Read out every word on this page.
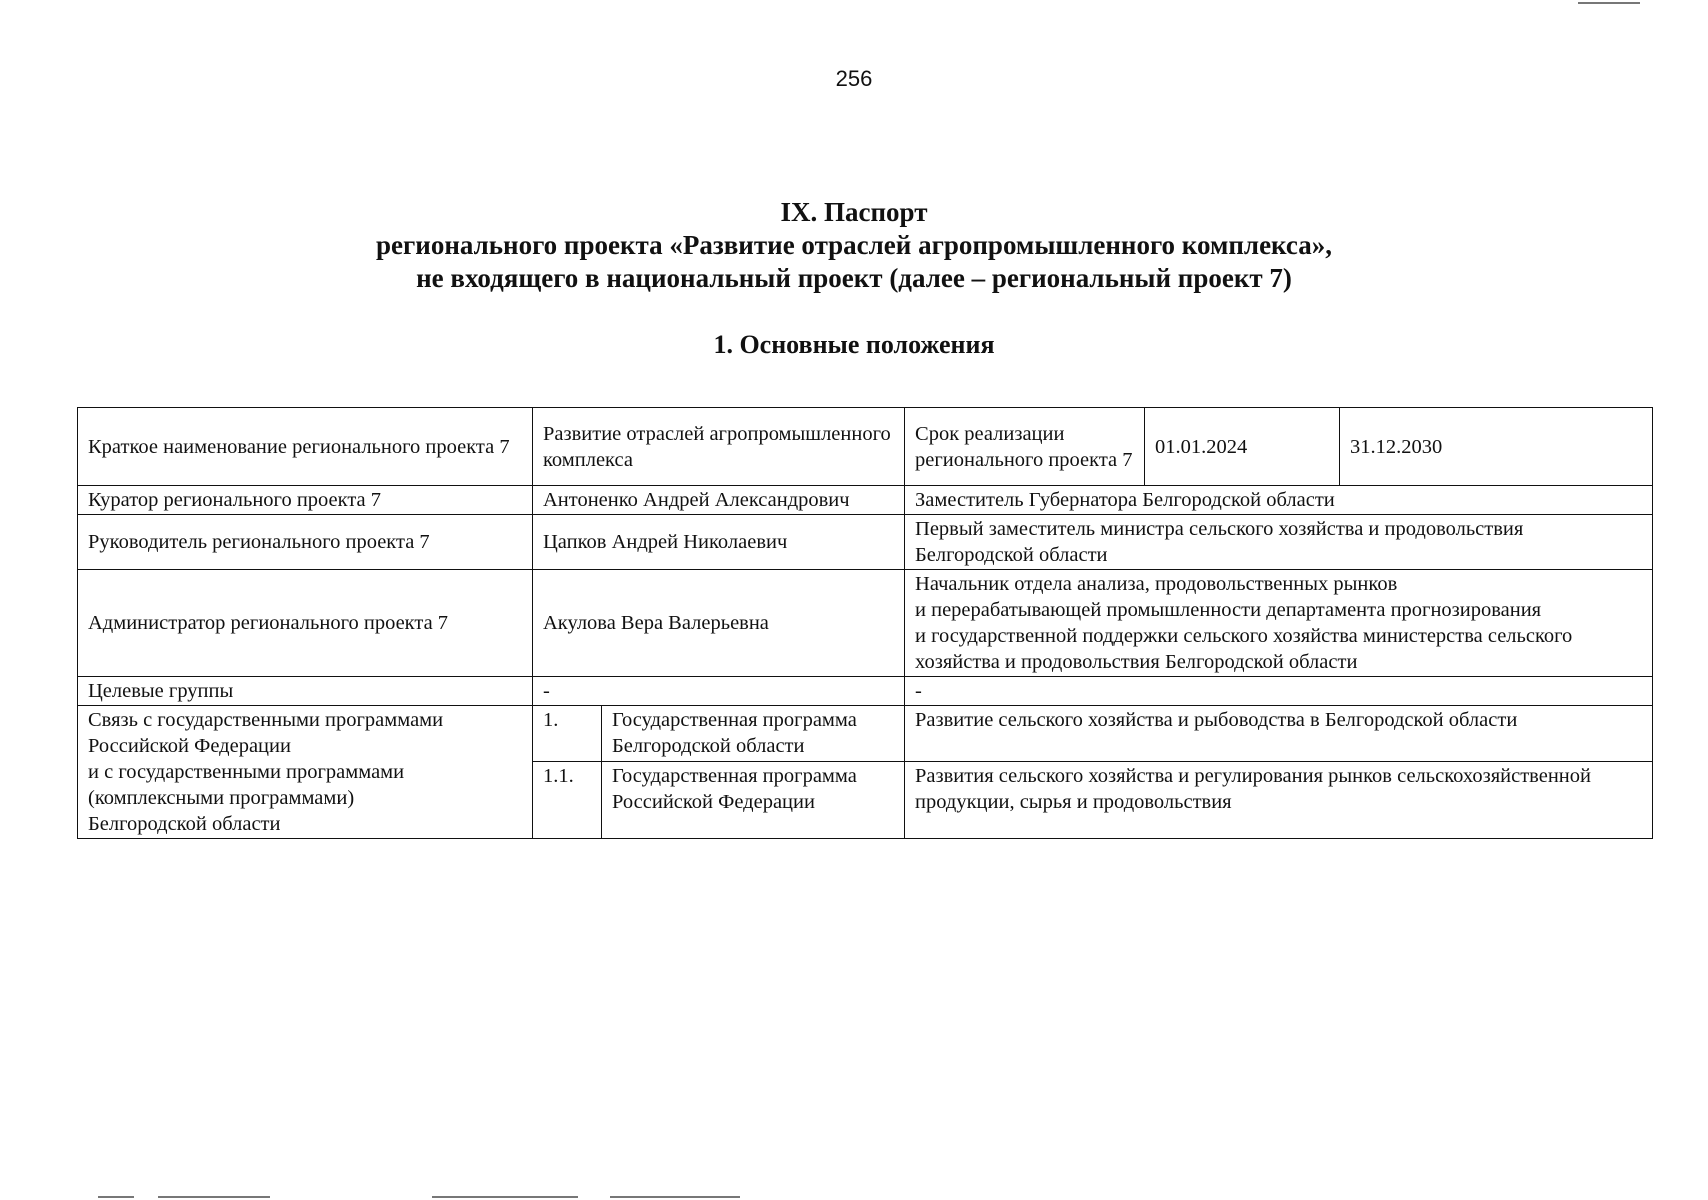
256
IX. Паспорт
регионального проекта «Развитие отраслей агропромышленного комплекса»,
не входящего в национальный проект (далее – региональный проект 7)
1. Основные положения
Краткое наименование регионального проекта 7	Развитие отраслей агропромышленного комплекса		Срок реализации регионального проекта 7	01.01.2024	31.12.2030
Куратор регионального проекта 7	Антоненко Андрей Александрович		Заместитель Губернатора Белгородской области		
Руководитель регионального проекта 7	Цапков Андрей Николаевич		Первый заместитель министра сельского хозяйства и продовольствия Белгородской области		
Администратор регионального проекта 7	Акулова Вера Валерьевна		Начальник отдела анализа, продовольственных рынков
и перерабатывающей промышленности департамента прогнозирования
и государственной поддержки сельского хозяйства министерства сельского
хозяйства и продовольствия Белгородской области		

Целевые группы	-		-		

Связь с государственными программами
Российской Федерации
и с государственными программами
(комплексными программами)
Белгородской области	1.	Государственная программа Белгородской области	Развитие сельского хозяйства и рыбоводства в Белгородской области		
	1.1.	Государственная программа Российской Федерации	Развития сельского хозяйства и регулирования рынков сельскохозяйственной продукции, сырья и продовольствия		
